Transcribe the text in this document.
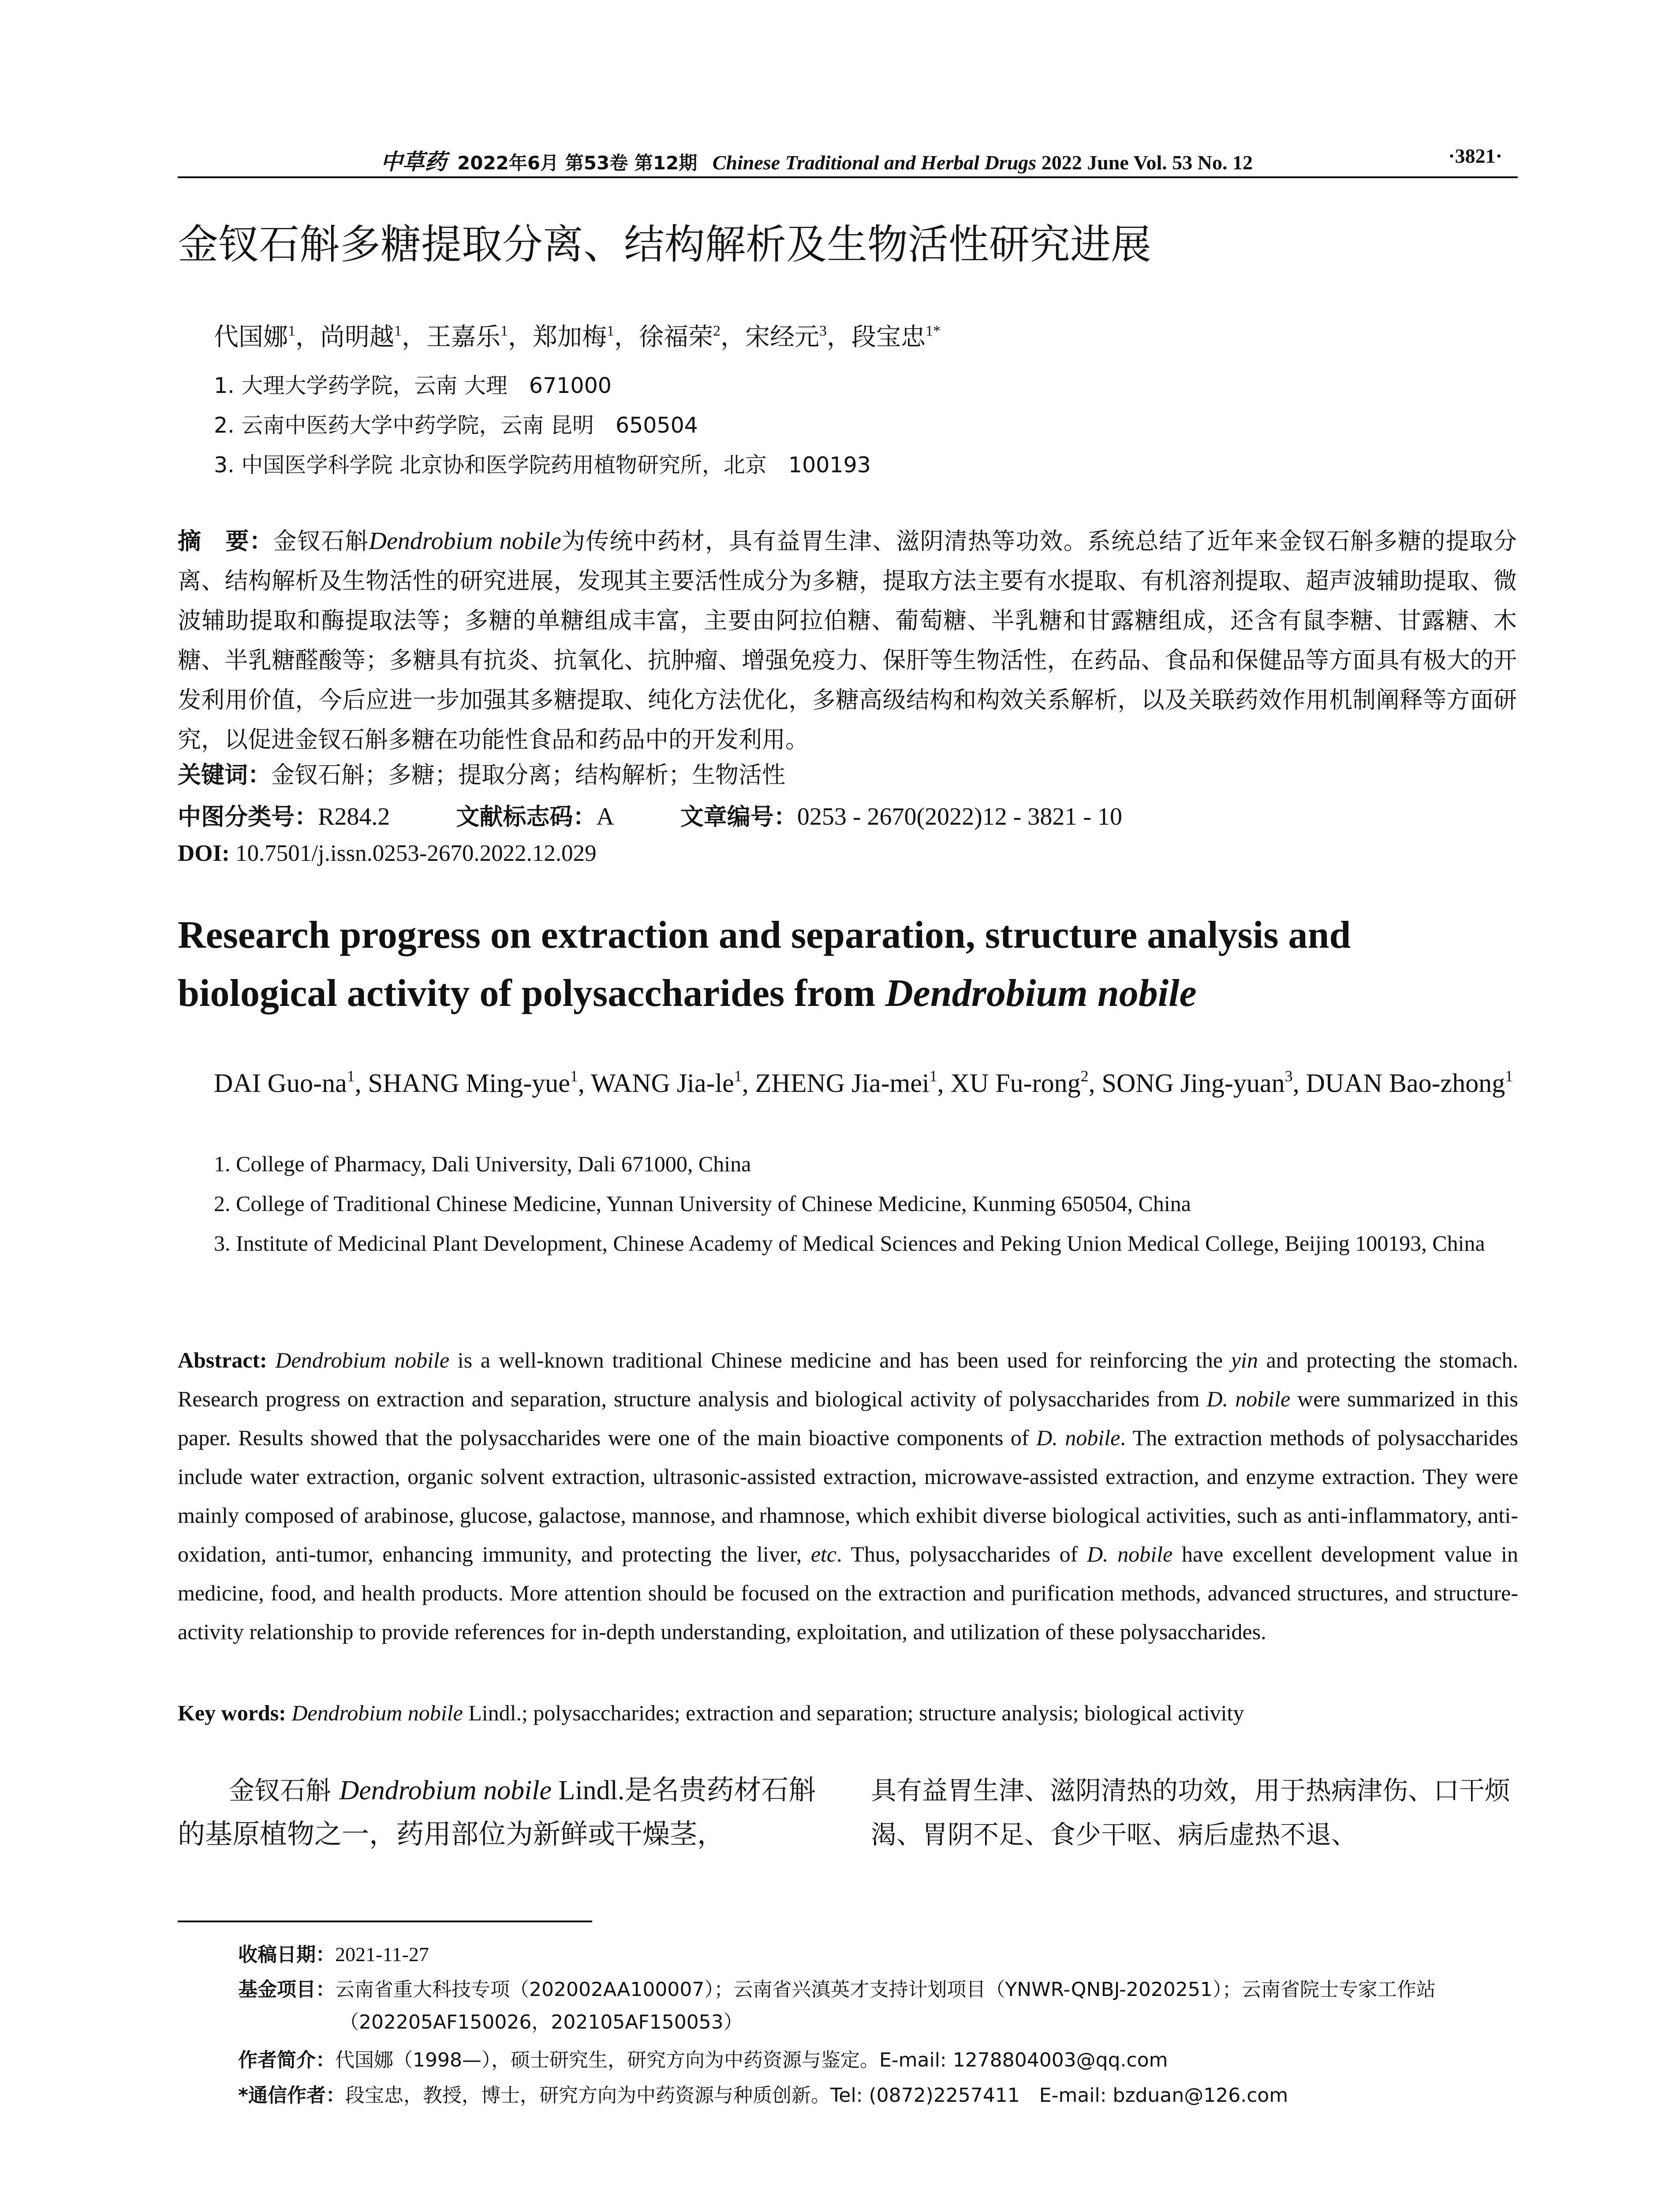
中草药 2022年6月 第53卷 第12期 Chinese Traditional and Herbal Drugs 2022 June Vol. 53 No. 12	·3821·
金钗石斛多糖提取分离、结构解析及生物活性研究进展
代国娜$^1$，尚明越$^1$，王嘉乐$^1$，郑加梅$^1$，徐福荣$^2$，宋经元$^3$，段宝忠$^{1*}$
1. 大理大学药学院，云南 大理　671000
2. 云南中医药大学中药学院，云南 昆明　650504
3. 中国医学科学院 北京协和医学院药用植物研究所，北京　100193
摘　要：金钗石斛Dendrobium nobile为传统中药材，具有益胃生津、滋阴清热等功效。系统总结了近年来金钗石斛多糖的提取分离、结构解析及生物活性的研究进展，发现其主要活性成分为多糖，提取方法主要有水提取、有机溶剂提取、超声波辅助提取、微波辅助提取和酶提取法等；多糖的单糖组成丰富，主要由阿拉伯糖、葡萄糖、半乳糖和甘露糖组成，还含有鼠李糖、甘露糖、木糖、半乳糖醛酸等；多糖具有抗炎、抗氧化、抗肿瘤、增强免疫力、保肝等生物活性，在药品、食品和保健品等方面具有极大的开发利用价值，今后应进一步加强其多糖提取、纯化方法优化，多糖高级结构和构效关系解析，以及关联药效作用机制阐释等方面研究，以促进金钗石斛多糖在功能性食品和药品中的开发利用。
关键词：金钗石斛；多糖；提取分离；结构解析；生物活性
中图分类号：R284.2	文献标志码：A	文章编号：0253 - 2670(2022)12 - 3821 - 10
DOI: 10.7501/j.issn.0253-2670.2022.12.029
Research progress on extraction and separation, structure analysis and biological activity of polysaccharides from Dendrobium nobile
DAI Guo-$na^1$, SHANG Ming-yue$^1$, WANG Jia-$le^1$, ZHENG Jia-mei$^1$, XU Fu-rong$^2$, SONG Jing-yuan$^3$, DUAN Bao-zhong$^1$
1. College of Pharmacy, Dali University, Dali 671000, China
2. College of Traditional Chinese Medicine, Yunnan University of Chinese Medicine, Kunming 650504, China
3. Institute of Medicinal Plant Development, Chinese Academy of Medical Sciences and Peking Union Medical College, Beijing 100193, China
Abstract: Dendrobium nobile is a well-known traditional Chinese medicine and has been used for reinforcing the yin and protecting the stomach. Research progress on extraction and separation, structure analysis and biological activity of polysaccharides from D. nobile were summarized in this paper. Results showed that the polysaccharides were one of the main bioactive components of D. nobile. The extraction methods of polysaccharides include water extraction, organic solvent extraction, ultrasonic-assisted extraction, microwave-assisted extraction, and enzyme extraction. They were mainly composed of arabinose, glucose, galactose, mannose, and rhamnose, which exhibit diverse biological activities, such as anti-inflammatory, anti-oxidation, anti-tumor, enhancing immunity, and protecting the liver, etc. Thus, polysaccharides of D. nobile have excellent development value in medicine, food, and health products. More attention should be focused on the extraction and purification methods, advanced structures, and structure-activity relationship to provide references for in-depth understanding, exploitation, and utilization of these polysaccharides.
Key words: Dendrobium nobile Lindl.; polysaccharides; extraction and separation; structure analysis; biological activity
金钗石斛 Dendrobium nobile Lindl.是名贵药材石斛的基原植物之一，药用部位为新鲜或干燥茎，
具有益胃生津、滋阴清热的功效，用于热病津伤、口干烦渴、胃阴不足、食少干呕、病后虚热不退、
收稿日期：2021-11-27
基金项目：云南省重大科技专项（202002AA100007）；云南省兴滇英才支持计划项目（YNWR-QNBJ-2020251）；云南省院士专家工作站
（202205AF150026，202105AF150053）
作者简介：代国娜（1998—），硕士研究生，研究方向为中药资源与鉴定。E-mail: 1278804003@qq.com
*通信作者：段宝忠，教授，博士，研究方向为中药资源与种质创新。Tel: (0872)2257411　E-mail: bzduan@126.com
